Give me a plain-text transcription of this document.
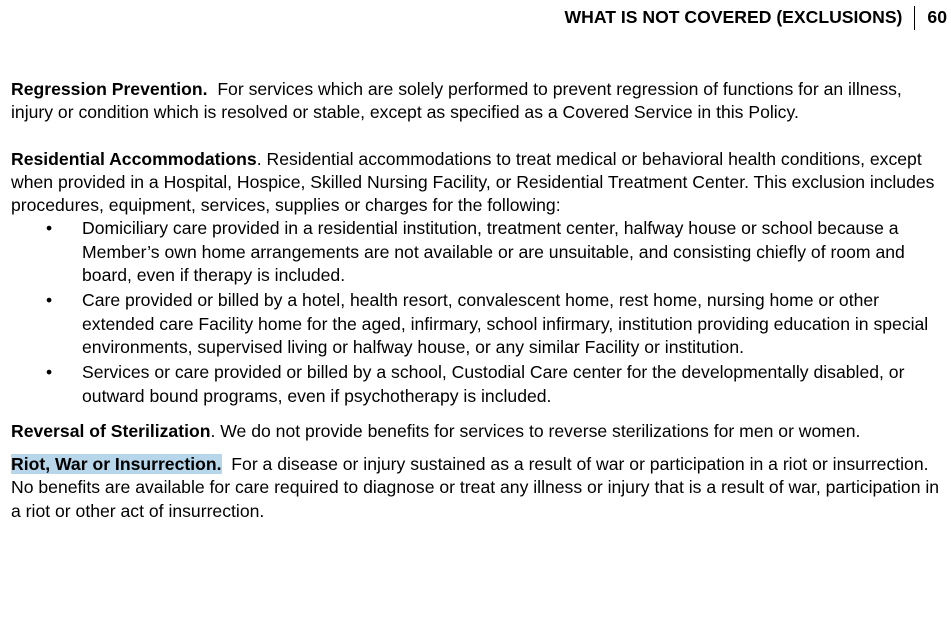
WHAT IS NOT COVERED (EXCLUSIONS) 60

Regression Prevention. For services which are solely performed to prevent regression of functions for an illness, injury or condition which is resolved or stable, except as specified as a Covered Service in this Policy.

Residential Accommodations. Residential accommodations to treat medical or behavioral health conditions, except when provided in a Hospital, Hospice, Skilled Nursing Facility, or Residential Treatment Center. This exclusion includes procedures, equipment, services, supplies or charges for the following:

• Domiciliary care provided in a residential institution, treatment center, halfway house or school because a Member’s own home arrangements are not available or are unsuitable, and consisting chiefly of room and board, even if therapy is included.
• Care provided or billed by a hotel, health resort, convalescent home, rest home, nursing home or other extended care Facility home for the aged, infirmary, school infirmary, institution providing education in special environments, supervised living or halfway house, or any similar Facility or institution.
• Services or care provided or billed by a school, Custodial Care center for the developmentally disabled, or outward bound programs, even if psychotherapy is included.

Reversal of Sterilization. We do not provide benefits for services to reverse sterilizations for men or women.

Riot, War or Insurrection. For a disease or injury sustained as a result of war or participation in a riot or insurrection. No benefits are available for care required to diagnose or treat any illness or injury that is a result of war, participation in a riot or other act of insurrection.
